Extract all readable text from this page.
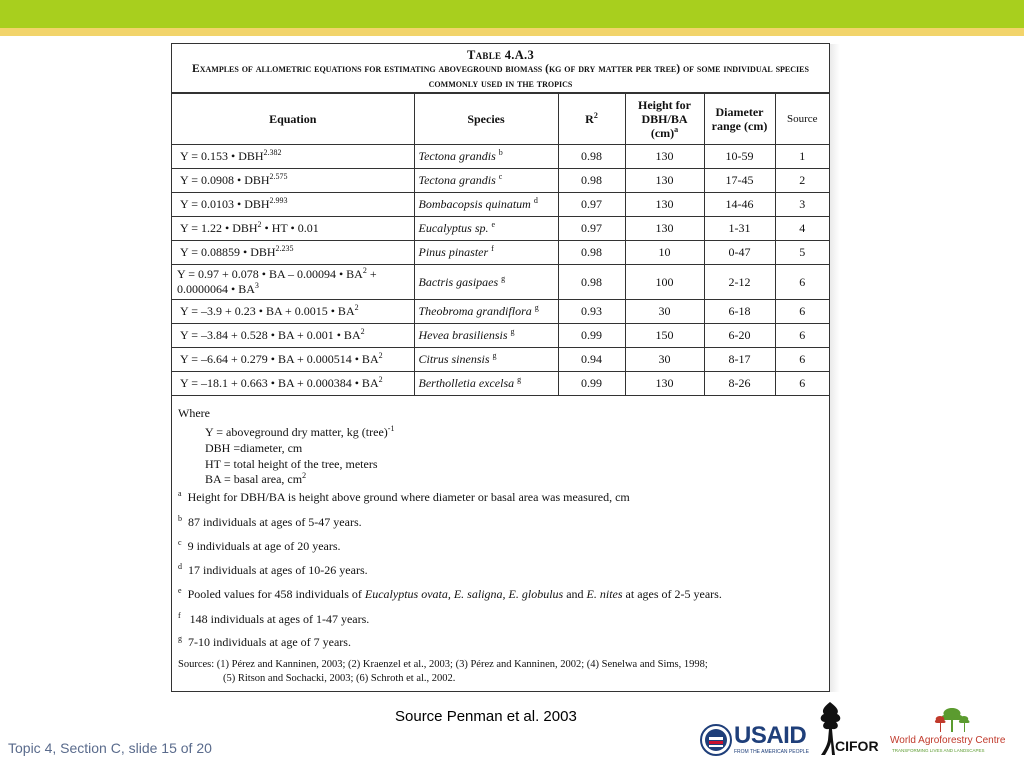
Table 4.A.3
Examples of allometric equations for estimating aboveground biomass (kg of dry matter per tree) of some individual species commonly used in the tropics
Equation	Species	$R^2$	Height for DBH/BA (cm)$^a$	Diameter range (cm)	Source
Y = 0.153 • $DBH^{2.382}$	Tectona grandis $^b$	0.98	130	10-59	1
Y = 0.0908 • $DBH^{2.575}$	Tectona grandis $^c$	0.98	130	17-45	2
Y = 0.0103 • $DBH^{2.993}$	Bombacopsis quinatum $^d$	0.97	130	14-46	3
Y = 1.22 • DBH$^2$ • HT • 0.01	Eucalyptus sp. $^e$	0.97	130	1-31	4
Y = 0.08859 • $DBH^{2.235}$	Pinus pinaster $^f$	0.98	10	0-47	5
Y = 0.97 + 0.078 • BA – 0.00094 • $BA^2 + 0.0000064$ • $BA^3$	Bactris gasipaes $^g$	0.98	100	2-12	6
Y = –3.9 + 0.23 • BA + 0.0015 • $BA^2$	Theobroma grandiflora $^g$	0.93	30	6-18	6
Y = –3.84 + 0.528 • BA + 0.001 • $BA^2$	Hevea brasiliensis $^g$	0.99	150	6-20	6
Y = –6.64 + 0.279 • BA + 0.000514 • $BA^2$	Citrus sinensis $^g$	0.94	30	8-17	6
Y = –18.1 + 0.663 • BA + 0.000384 • $BA^2$	Bertholletia excelsa $^g$	0.99	130	8-26	6
Where
Y = aboveground dry matter, kg (tree)$^{-1}$
DBH =diameter, cm
HT = total height of the tree, meters
BA = basal area, $cm^2$
$^a$ Height for DBH/BA is height above ground where diameter or basal area was measured, cm
$^b$ 87 individuals at ages of 5-47 years.
$^c$ 9 individuals at age of 20 years.
$^d$ 17 individuals at ages of 10-26 years.
$^e$ Pooled values for 458 individuals of Eucalyptus ovata, E. saligna, E. globulus and E. nites at ages of 2-5 years.
$^f$ 148 individuals at ages of 1-47 years.
$^g$ 7-10 individuals at age of 7 years.
Sources: (1) Pérez and Kanninen, 2003; (2) Kraenzel et al., 2003; (3) Pérez and Kanninen, 2002; (4) Senelwa and Sims, 1998;
(5) Ritson and Sochacki, 2003; (6) Schroth et al., 2002.
Source Penman et al. 2003
Topic 4, Section C, slide 15 of 20	USAID
FROM THE AMERICAN PEOPLE CIFOR World Agroforestry Centre
TRANSFORMING LIVES AND LANDSCAPES
